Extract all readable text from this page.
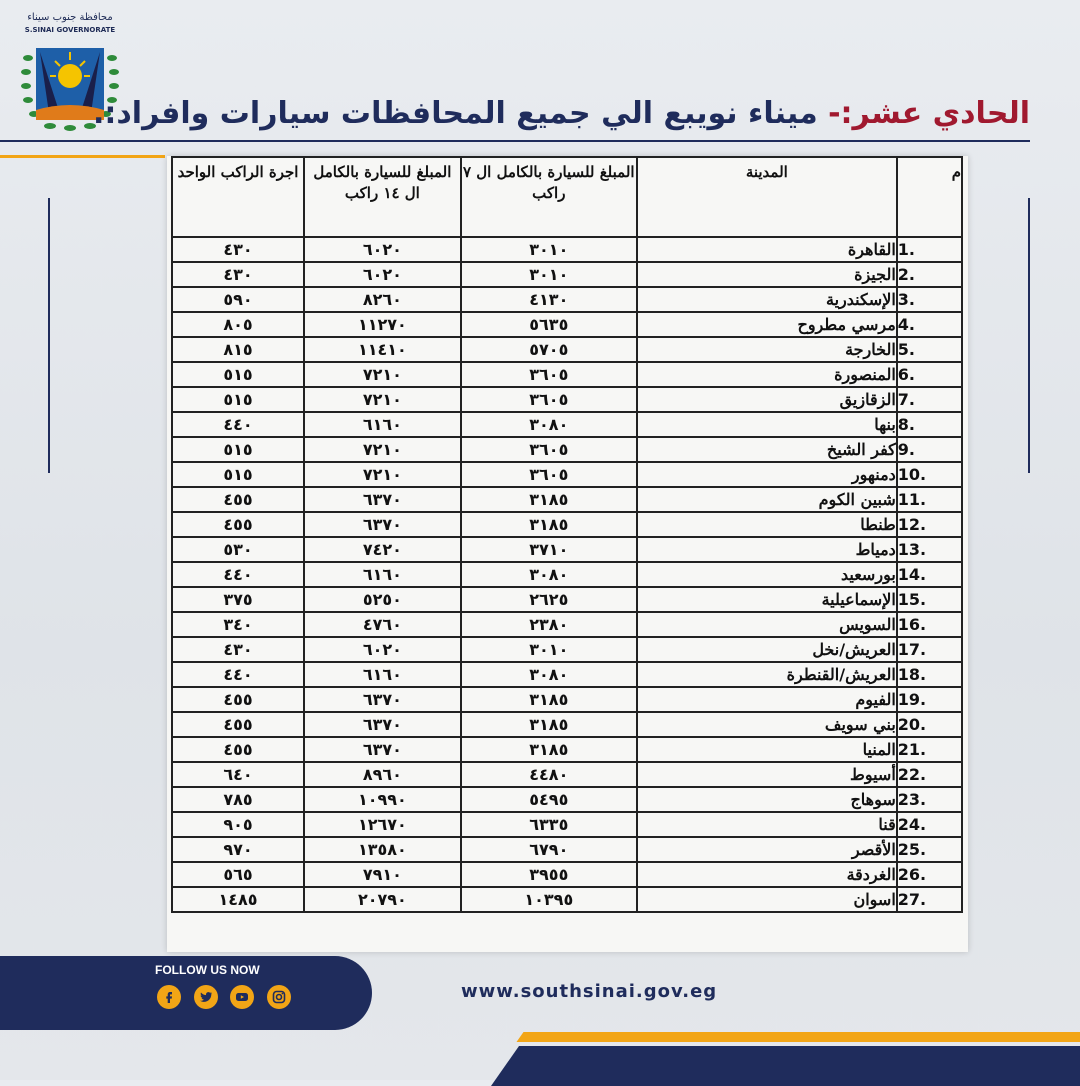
محافظة جنوب سيناء
S.SINAI GOVERNORATE
الحادي عشر:- ميناء نويبع الي جميع المحافظات سيارات وافراد:.
م	المدينة	المبلغ للسيارة بالكامل ال ٧ راكب	المبلغ للسيارة بالكامل ال ١٤ راكب	اجرة الراكب الواحد
1.	القاهرة	٣٠١٠	٦٠٢٠	٤٣٠
2.	الجيزة	٣٠١٠	٦٠٢٠	٤٣٠
3.	الإسكندرية	٤١٣٠	٨٢٦٠	٥٩٠
4.	مرسي مطروح	٥٦٣٥	١١٢٧٠	٨٠٥
5.	الخارجة	٥٧٠٥	١١٤١٠	٨١٥
6.	المنصورة	٣٦٠٥	٧٢١٠	٥١٥
7.	الزقازيق	٣٦٠٥	٧٢١٠	٥١٥
8.	بنها	٣٠٨٠	٦١٦٠	٤٤٠
9.	كفر الشيخ	٣٦٠٥	٧٢١٠	٥١٥
10.	دمنهور	٣٦٠٥	٧٢١٠	٥١٥
11.	شبين الكوم	٣١٨٥	٦٣٧٠	٤٥٥
12.	طنطا	٣١٨٥	٦٣٧٠	٤٥٥
13.	دمياط	٣٧١٠	٧٤٢٠	٥٣٠
14.	بورسعيد	٣٠٨٠	٦١٦٠	٤٤٠
15.	الإسماعيلية	٢٦٢٥	٥٢٥٠	٣٧٥
16.	السويس	٢٣٨٠	٤٧٦٠	٣٤٠
17.	العريش/نخل	٣٠١٠	٦٠٢٠	٤٣٠
18.	العريش/القنطرة	٣٠٨٠	٦١٦٠	٤٤٠
19.	الفيوم	٣١٨٥	٦٣٧٠	٤٥٥
20.	بني سويف	٣١٨٥	٦٣٧٠	٤٥٥
21.	المنيا	٣١٨٥	٦٣٧٠	٤٥٥
22.	أسيوط	٤٤٨٠	٨٩٦٠	٦٤٠
23.	سوهاج	٥٤٩٥	١٠٩٩٠	٧٨٥
24.	قنا	٦٣٣٥	١٢٦٧٠	٩٠٥
25.	الأقصر	٦٧٩٠	١٣٥٨٠	٩٧٠
26.	الغردقة	٣٩٥٥	٧٩١٠	٥٦٥
27.	اسوان	١٠٣٩٥	٢٠٧٩٠	١٤٨٥
FOLLOW US NOW
www.southsinai.gov.eg
